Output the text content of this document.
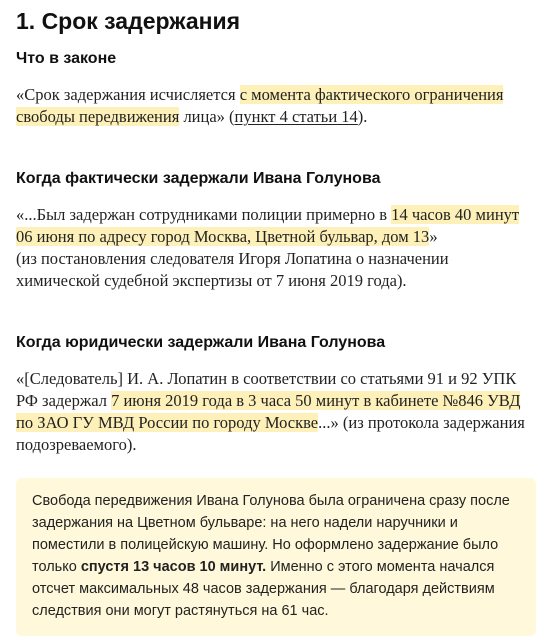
1. Срок задержания
Что в законе

«Срок задержания исчисляется с момента фактического ограничения свободы передвижения лица» (пункт 4 статьи 14).

Когда фактически задержали Ивана Голунова

«...Был задержан сотрудниками полиции примерно в 14 часов 40 минут 06 июня по адресу город Москва, Цветной бульвар, дом 13»
(из постановления следователя Игоря Лопатина о назначении химической судебной экспертизы от 7 июня 2019 года).

Когда юридически задержали Ивана Голунова

«[Следователь] И. А. Лопатин в соответствии со статьями 91 и 92 УПК РФ задержал 7 июня 2019 года в 3 часа 50 минут в кабинете №846 УВД по ЗАО ГУ МВД России по городу Москве...» (из протокола задержания подозреваемого).

Свобода передвижения Ивана Голунова была ограничена сразу после задержания на Цветном бульваре: на него надели наручники и поместили в полицейскую машину. Но оформлено задержание было только спустя 13 часов 10 минут. Именно с этого момента начался отсчет максимальных 48 часов задержания — благодаря действиям следствия они могут растянуться на 61 час.
